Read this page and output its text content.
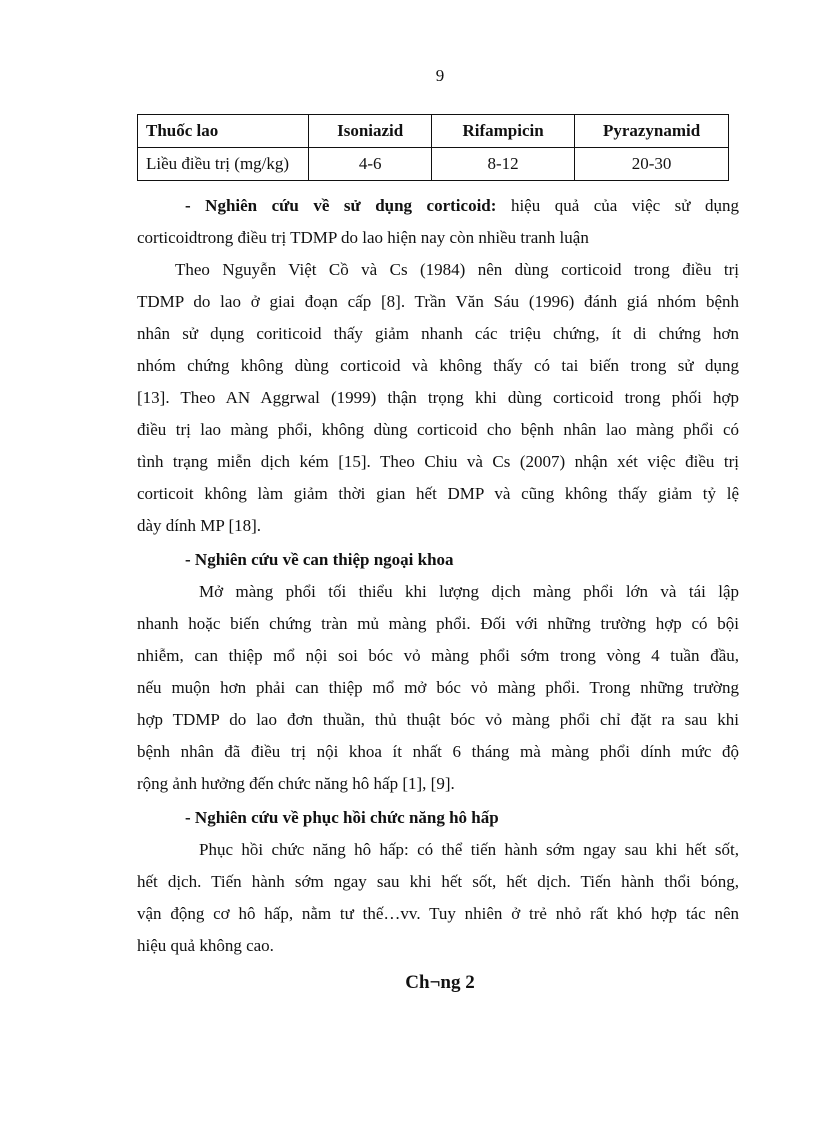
9
Thuốc lao	Isoniazid	Rifampicin	Pyrazynamid
Liều điều trị (mg/kg)	4-6	8-12	20-30
- Nghiên cứu về sử dụng corticoid: hiệu quả của việc sử dụng
corticoidtrong điều trị TDMP do lao hiện nay còn nhiều tranh luận
Theo Nguyễn Việt Cồ và Cs (1984) nên dùng corticoid trong điều trị
TDMP do lao ở giai đoạn cấp [8]. Trần Văn Sáu (1996) đánh giá nhóm bệnh
nhân sử dụng coriticoid thấy giảm nhanh các triệu chứng, ít di chứng hơn
nhóm chứng không dùng corticoid và không thấy có tai biến trong sử dụng
[13]. Theo AN Aggrwal (1999) thận trọng khi dùng corticoid trong phối hợp
điều trị lao màng phổi, không dùng corticoid cho bệnh nhân lao màng phổi có
tình trạng miễn dịch kém [15]. Theo Chiu và Cs (2007) nhận xét việc điều trị
corticoit không làm giảm thời gian hết DMP và cũng không thấy giảm tỷ lệ
dày dính MP [18].
- Nghiên cứu về can thiệp ngoại khoa
Mở màng phổi tối thiểu khi lượng dịch màng phổi lớn và tái lập
nhanh hoặc biến chứng tràn mủ màng phổi. Đối với những trường hợp có bội
nhiễm, can thiệp mổ nội soi bóc vỏ màng phổi sớm trong vòng 4 tuần đầu,
nếu muộn hơn phải can thiệp mổ mở bóc vỏ màng phổi. Trong những trường
hợp TDMP do lao đơn thuần, thủ thuật bóc vỏ màng phổi chỉ đặt ra sau khi
bệnh nhân đã điều trị nội khoa ít nhất 6 tháng mà màng phổi dính mức độ
rộng ảnh hưởng đến chức năng hô hấp [1], [9].
- Nghiên cứu về phục hồi chức năng hô hấp
Phục hồi chức năng hô hấp: có thể tiến hành sớm ngay sau khi hết sốt,
hết dịch. Tiến hành sớm ngay sau khi hết sốt, hết dịch. Tiến hành thổi bóng,
vận động cơ hô hấp, nằm tư thế…vv. Tuy nhiên ở trẻ nhỏ rất khó hợp tác nên
hiệu quả không cao.
Ch¬ng 2
